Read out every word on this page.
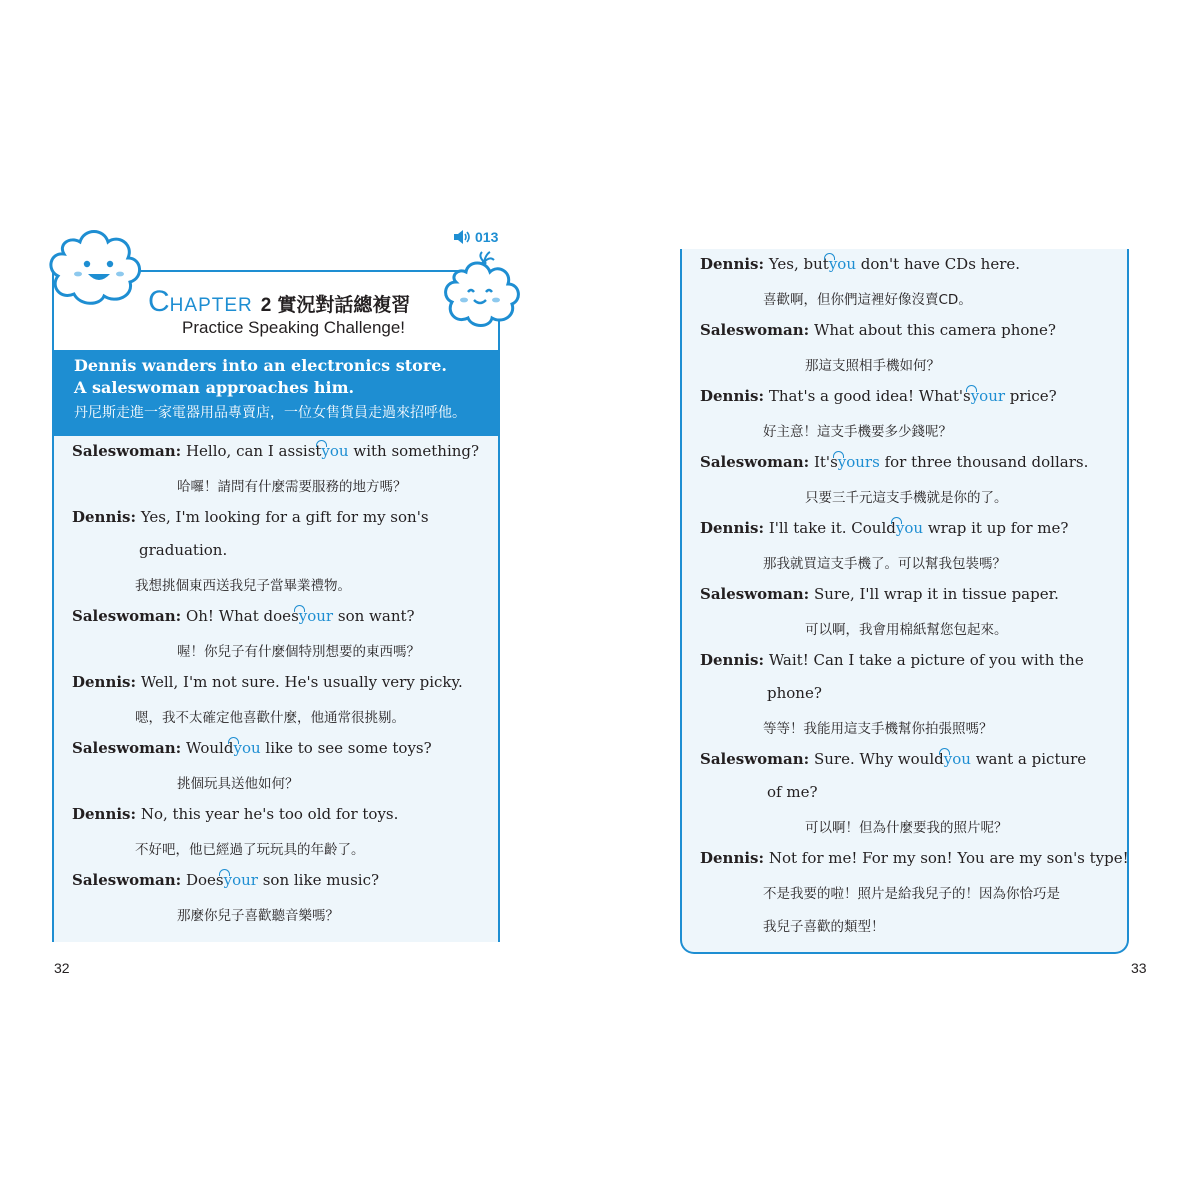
013
C HAPTER 2 實況對話總複習
Practice Speaking Challenge!
Dennis wanders into an electronics store.
A saleswoman approaches him.
丹尼斯走進一家電器用品專賣店，一位女售貨員走過來招呼他。
Saleswoman: Hello, can I assistyou with something?
哈囉！請問有什麼需要服務的地方嗎？
Dennis: Yes, I'm looking for a gift for my son's
graduation.
我想挑個東西送我兒子當畢業禮物。
Saleswoman: Oh! What doesyour son want?
喔！你兒子有什麼個特別想要的東西嗎？
Dennis: Well, I'm not sure. He's usually very picky.
嗯，我不太確定他喜歡什麼，他通常很挑剔。
Saleswoman: Wouldyou like to see some toys?
挑個玩具送他如何？
Dennis: No, this year he's too old for toys.
不好吧，他已經過了玩玩具的年齡了。
Saleswoman: Doesyour son like music?
那麼你兒子喜歡聽音樂嗎？
32
Dennis: Yes, butyou don't have CDs here.
喜歡啊，但你們這裡好像沒賣CD。
Saleswoman: What about this camera phone?
那這支照相手機如何？
Dennis: That's a good idea! What'syour price?
好主意！這支手機要多少錢呢？
Saleswoman: It'syours for three thousand dollars.
只要三千元這支手機就是你的了。
Dennis: I'll take it. Couldyou wrap it up for me?
那我就買這支手機了。可以幫我包裝嗎？
Saleswoman: Sure, I'll wrap it in tissue paper.
可以啊，我會用棉紙幫您包起來。
Dennis: Wait! Can I take a picture of you with the
phone?
等等！我能用這支手機幫你拍張照嗎？
Saleswoman: Sure. Why wouldyou want a picture
of me?
可以啊！但為什麼要我的照片呢？
Dennis: Not for me! For my son! You are my son's type!
不是我要的啦！照片是給我兒子的！因為你恰巧是
我兒子喜歡的類型！
33
